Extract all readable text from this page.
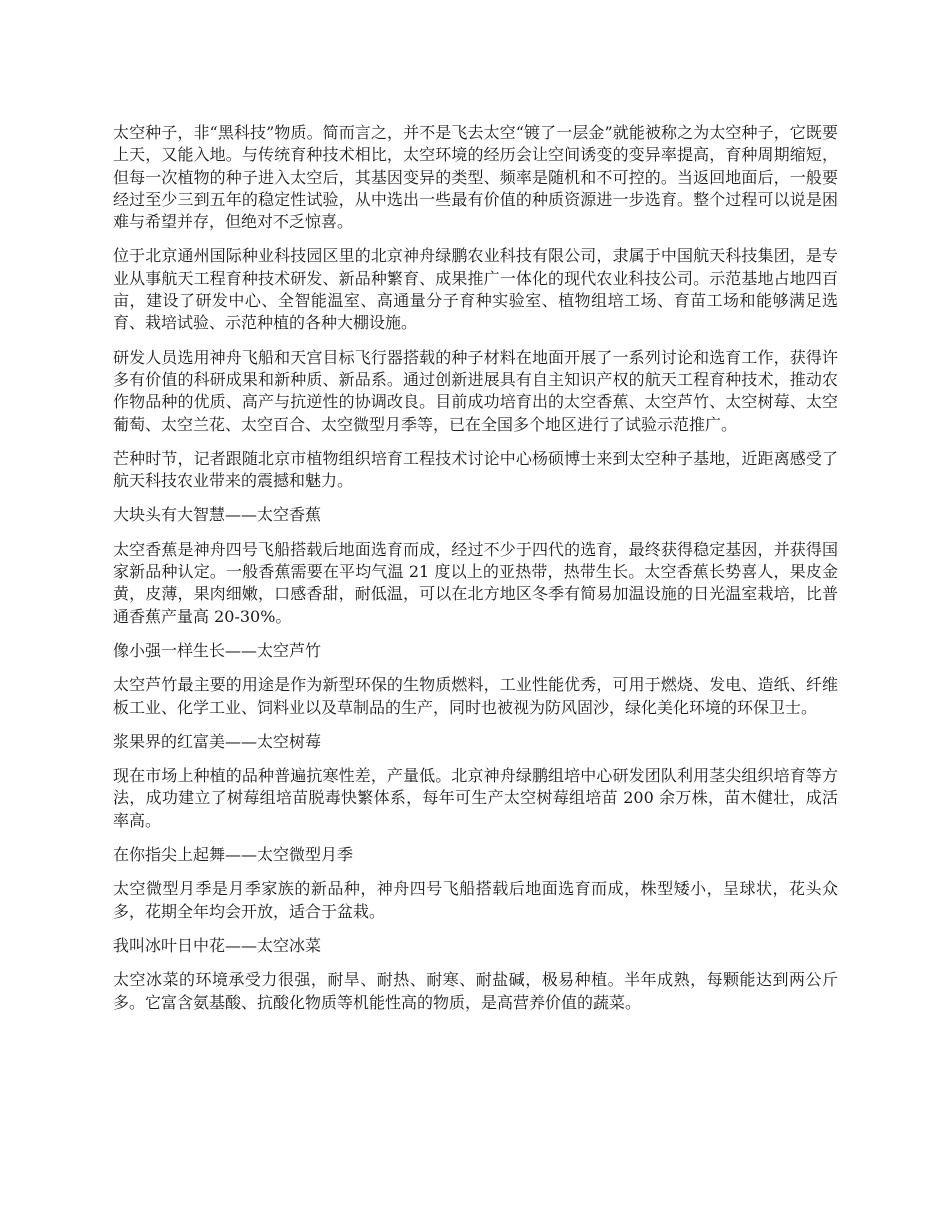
太空种子，非“黑科技”物质。简而言之，并不是飞去太空“镀了一层金”就能被称之为太空种子，它既要上天，又能入地。与传统育种技术相比，太空环境的经历会让空间诱变的变异率提高，育种周期缩短，但每一次植物的种子进入太空后，其基因变异的类型、频率是随机和不可控的。当返回地面后，一般要经过至少三到五年的稳定性试验，从中选出一些最有价值的种质资源进一步选育。整个过程可以说是困难与希望并存，但绝对不乏惊喜。

位于北京通州国际种业科技园区里的北京神舟绿鹏农业科技有限公司，隶属于中国航天科技集团，是专业从事航天工程育种技术研发、新品种繁育、成果推广一体化的现代农业科技公司。示范基地占地四百亩，建设了研发中心、全智能温室、高通量分子育种实验室、植物组培工场、育苗工场和能够满足选育、栽培试验、示范种植的各种大棚设施。

研发人员选用神舟飞船和天宫目标飞行器搭载的种子材料在地面开展了一系列讨论和选育工作，获得许多有价值的科研成果和新种质、新品系。通过创新进展具有自主知识产权的航天工程育种技术，推动农作物品种的优质、高产与抗逆性的协调改良。目前成功培育出的太空香蕉、太空芦竹、太空树莓、太空葡萄、太空兰花、太空百合、太空微型月季等，已在全国多个地区进行了试验示范推广。

芒种时节，记者跟随北京市植物组织培育工程技术讨论中心杨硕博士来到太空种子基地，近距离感受了航天科技农业带来的震撼和魅力。

大块头有大智慧——太空香蕉

太空香蕉是神舟四号飞船搭载后地面选育而成，经过不少于四代的选育，最终获得稳定基因，并获得国家新品种认定。一般香蕉需要在平均气温 21 度以上的亚热带，热带生长。太空香蕉长势喜人，果皮金黄，皮薄，果肉细嫩，口感香甜，耐低温，可以在北方地区冬季有简易加温设施的日光温室栽培，比普通香蕉产量高 20-30%。

像小强一样生长——太空芦竹

太空芦竹最主要的用途是作为新型环保的生物质燃料，工业性能优秀，可用于燃烧、发电、造纸、纤维板工业、化学工业、饲料业以及草制品的生产，同时也被视为防风固沙，绿化美化环境的环保卫士。

浆果界的红富美——太空树莓

现在市场上种植的品种普遍抗寒性差，产量低。北京神舟绿鹏组培中心研发团队利用茎尖组织培育等方法，成功建立了树莓组培苗脱毒快繁体系，每年可生产太空树莓组培苗 200 余万株，苗木健壮，成活率高。

在你指尖上起舞——太空微型月季

太空微型月季是月季家族的新品种，神舟四号飞船搭载后地面选育而成，株型矮小，呈球状，花头众多，花期全年均会开放，适合于盆栽。

我叫冰叶日中花——太空冰菜

太空冰菜的环境承受力很强，耐旱、耐热、耐寒、耐盐碱，极易种植。半年成熟，每颗能达到两公斤多。它富含氨基酸、抗酸化物质等机能性高的物质，是高营养价值的蔬菜。
